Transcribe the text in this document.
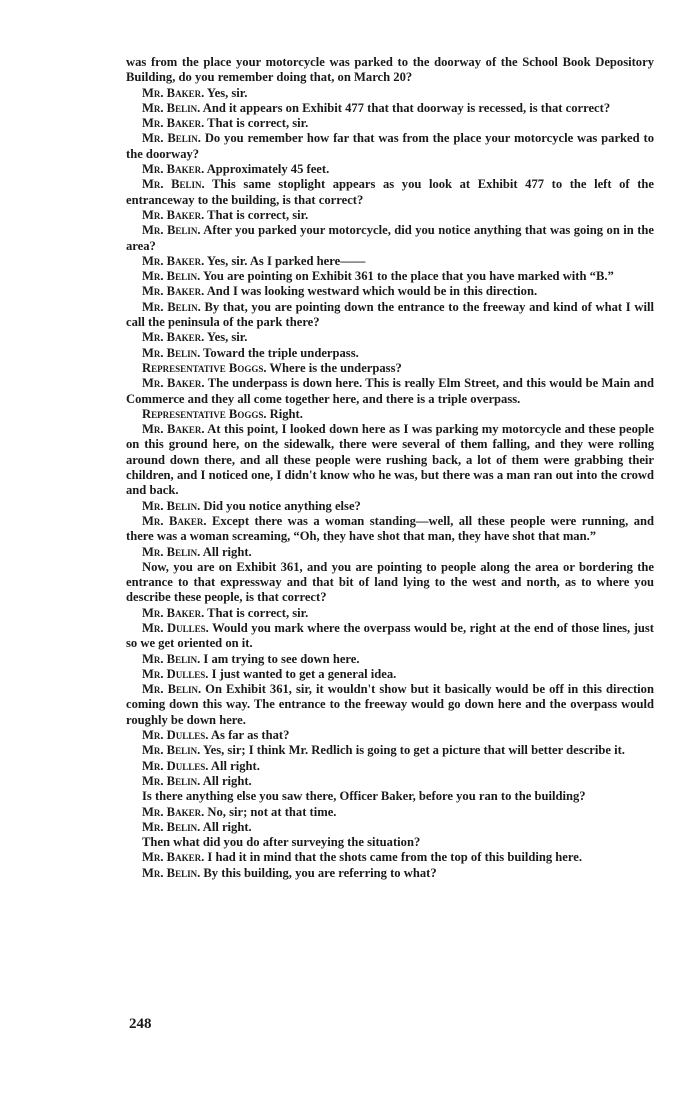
was from the place your motorcycle was parked to the doorway of the School Book Depository Building, do you remember doing that, on March 20?

Mr. Baker. Yes, sir.

Mr. Belin. And it appears on Exhibit 477 that that doorway is recessed, is that correct?

Mr. Baker. That is correct, sir.

Mr. Belin. Do you remember how far that was from the place your motorcycle was parked to the doorway?

Mr. Baker. Approximately 45 feet.

Mr. Belin. This same stoplight appears as you look at Exhibit 477 to the left of the entranceway to the building, is that correct?

Mr. Baker. That is correct, sir.

Mr. Belin. After you parked your motorcycle, did you notice anything that was going on in the area?

Mr. Baker. Yes, sir. As I parked here——

Mr. Belin. You are pointing on Exhibit 361 to the place that you have marked with “B.”

Mr. Baker. And I was looking westward which would be in this direction.

Mr. Belin. By that, you are pointing down the entrance to the freeway and kind of what I will call the peninsula of the park there?

Mr. Baker. Yes, sir.

Mr. Belin. Toward the triple underpass.

Representative Boggs. Where is the underpass?

Mr. Baker. The underpass is down here. This is really Elm Street, and this would be Main and Commerce and they all come together here, and there is a triple overpass.

Representative Boggs. Right.

Mr. Baker. At this point, I looked down here as I was parking my motorcycle and these people on this ground here, on the sidewalk, there were several of them falling, and they were rolling around down there, and all these people were rushing back, a lot of them were grabbing their children, and I noticed one, I didn't know who he was, but there was a man ran out into the crowd and back.

Mr. Belin. Did you notice anything else?

Mr. Baker. Except there was a woman standing—well, all these people were running, and there was a woman screaming, “Oh, they have shot that man, they have shot that man.”

Mr. Belin. All right.

Now, you are on Exhibit 361, and you are pointing to people along the area or bordering the entrance to that expressway and that bit of land lying to the west and north, as to where you describe these people, is that correct?

Mr. Baker. That is correct, sir.

Mr. Dulles. Would you mark where the overpass would be, right at the end of those lines, just so we get oriented on it.

Mr. Belin. I am trying to see down here.

Mr. Dulles. I just wanted to get a general idea.

Mr. Belin. On Exhibit 361, sir, it wouldn't show but it basically would be off in this direction coming down this way. The entrance to the freeway would go down here and the overpass would roughly be down here.

Mr. Dulles. As far as that?

Mr. Belin. Yes, sir; I think Mr. Redlich is going to get a picture that will better describe it.

Mr. Dulles. All right.

Mr. Belin. All right.

Is there anything else you saw there, Officer Baker, before you ran to the building?

Mr. Baker. No, sir; not at that time.

Mr. Belin. All right.

Then what did you do after surveying the situation?

Mr. Baker. I had it in mind that the shots came from the top of this building here.

Mr. Belin. By this building, you are referring to what?

248
